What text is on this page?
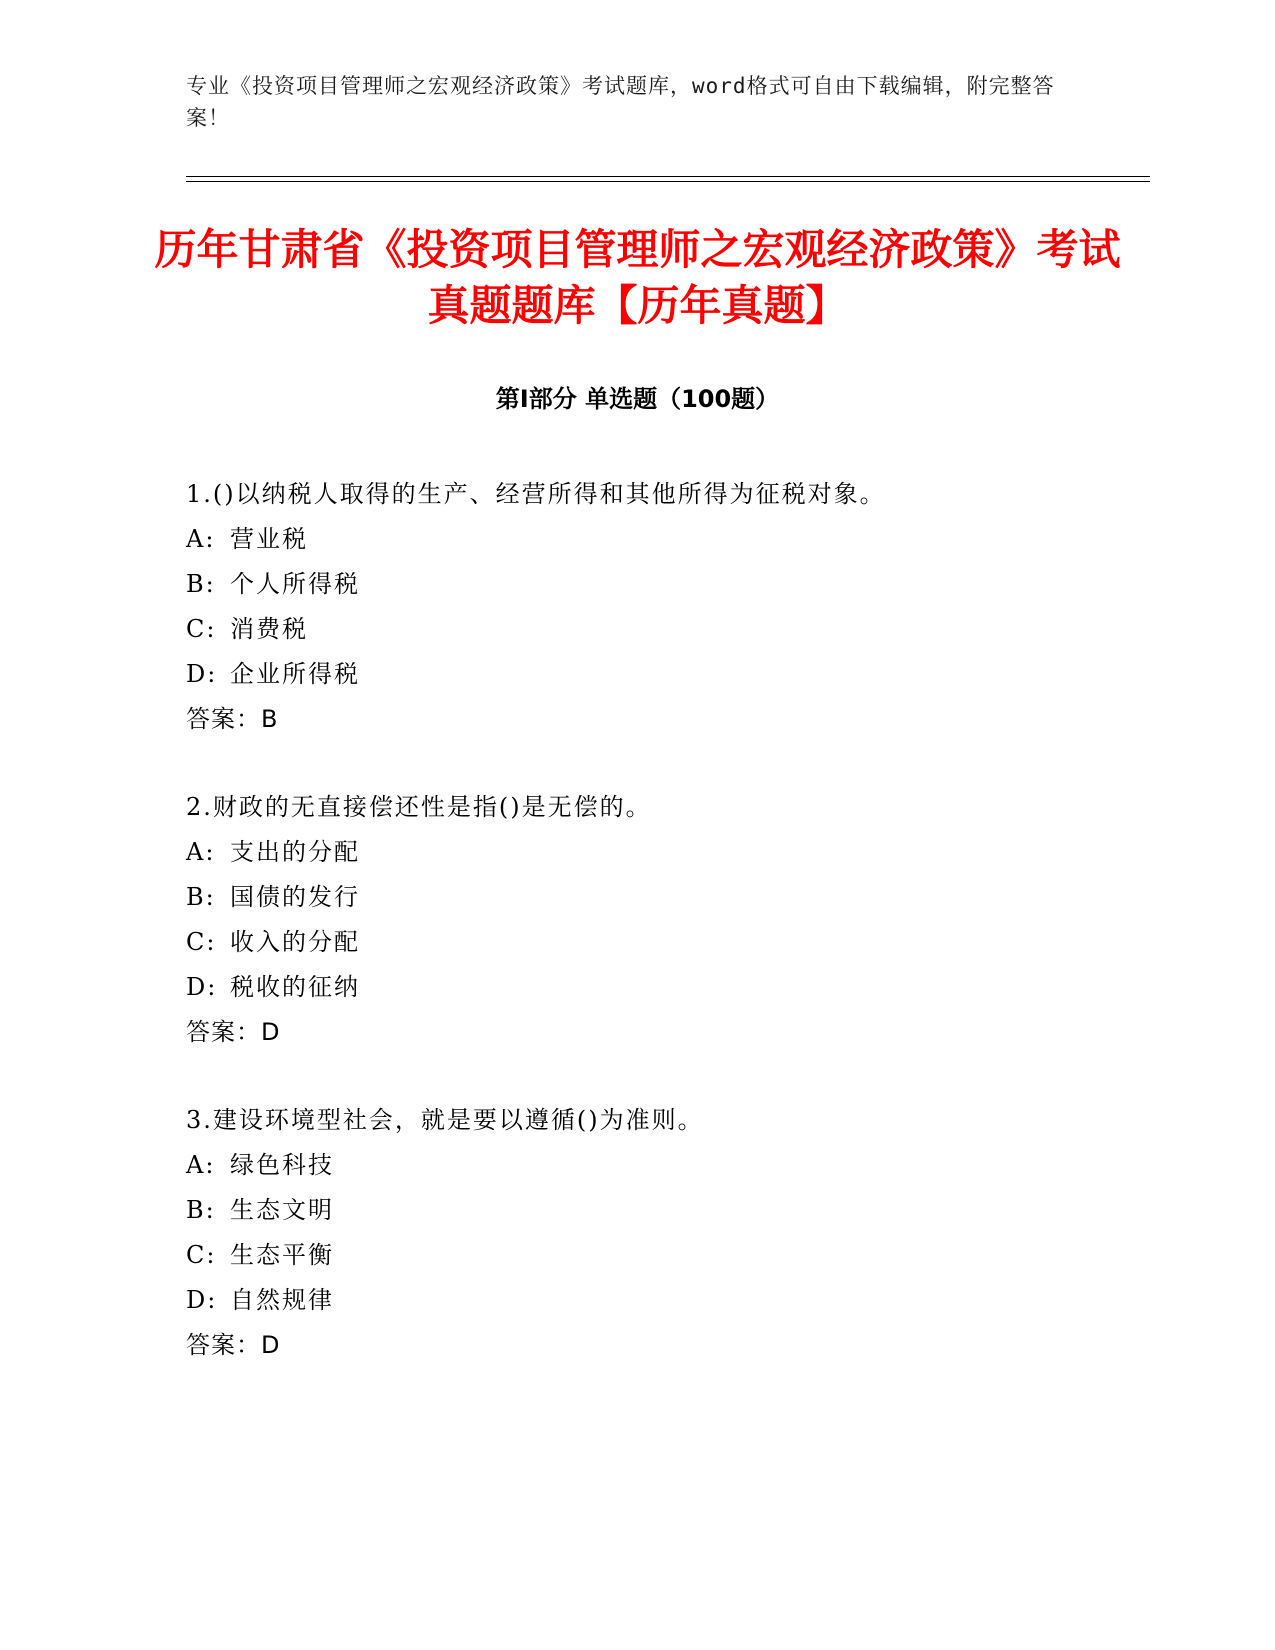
专业《投资项目管理师之宏观经济政策》考试题库，word格式可自由下载编辑，附完整答案！
历年甘肃省《投资项目管理师之宏观经济政策》考试真题题库【历年真题】
第Ⅰ部分 单选题（100题）
1.()以纳税人取得的生产、经营所得和其他所得为征税对象。
A: 营业税
B: 个人所得税
C: 消费税
D: 企业所得税
答案：B
2.财政的无直接偿还性是指()是无偿的。
A: 支出的分配
B: 国债的发行
C: 收入的分配
D: 税收的征纳
答案：D
3.建设环境型社会，就是要以遵循()为准则。
A: 绿色科技
B: 生态文明
C: 生态平衡
D: 自然规律
答案：D
